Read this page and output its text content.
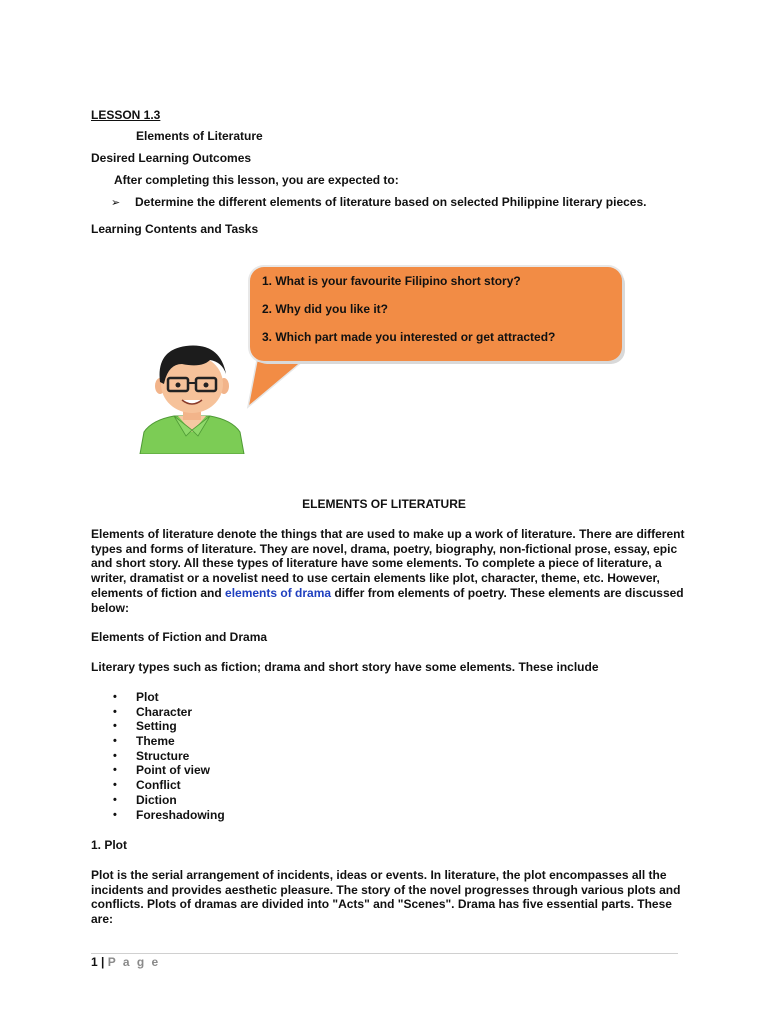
LESSON 1.3
Elements of Literature
Desired Learning Outcomes
After completing this lesson, you are expected to:
➢ Determine the different elements of literature based on selected Philippine literary pieces.
Learning Contents and Tasks
1. What is your favourite Filipino short story?
2. Why did you like it?
3. Which part made you interested or get attracted?
ELEMENTS OF LITERATURE
Elements of literature denote the things that are used to make up a work of literature. There are different types and forms of literature. They are novel, drama, poetry, biography, non-fictional prose, essay, epic and short story. All these types of literature have some elements. To complete a piece of literature, a writer, dramatist or a novelist need to use certain elements like plot, character, theme, etc. However, elements of fiction and elements of drama differ from elements of poetry. These elements are discussed below:
Elements of Fiction and Drama
Literary types such as fiction; drama and short story have some elements. These include
• Plot
• Character
• Setting
• Theme
• Structure
• Point of view
• Conflict
• Diction
• Foreshadowing
1. Plot
Plot is the serial arrangement of incidents, ideas or events. In literature, the plot encompasses all the incidents and provides aesthetic pleasure. The story of the novel progresses through various plots and conflicts. Plots of dramas are divided into "Acts" and "Scenes". Drama has five essential parts. These are:
1 | P a g e
